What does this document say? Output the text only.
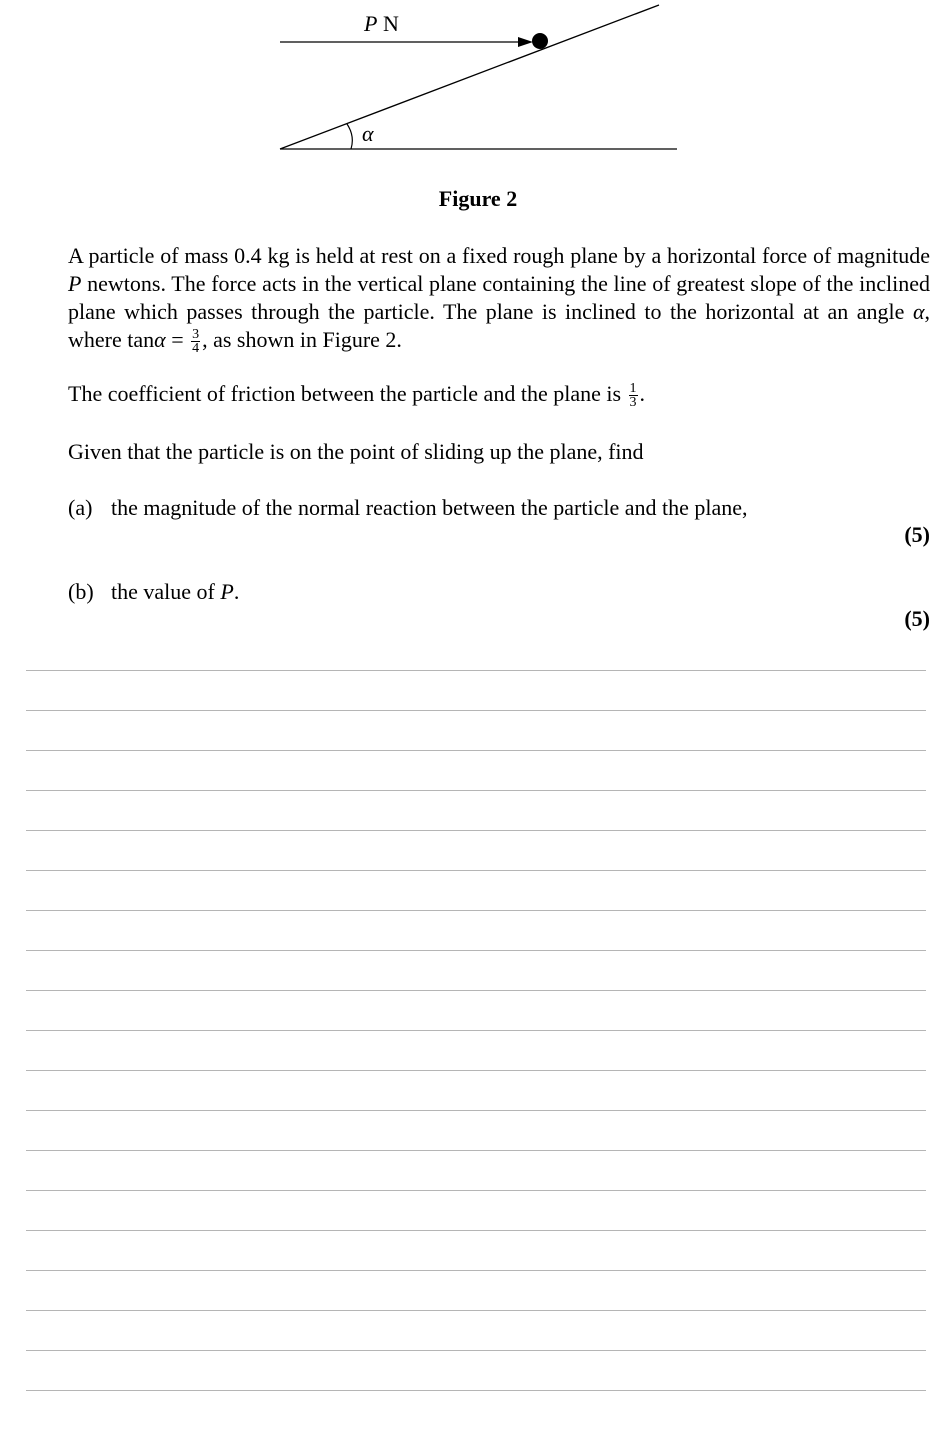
P N
α
Figure 2
A particle of mass 0.4 kg is held at rest on a fixed rough plane by a horizontal force of magnitude P newtons. The force acts in the vertical plane containing the line of greatest slope of the inclined plane which passes through the particle. The plane is inclined to the horizontal at an angle α, where $\tan\alpha = \frac{3}{4}$ , as shown in Figure 2.
The coefficient of friction between the particle and the plane is $\frac{1}{3}$ .
Given that the particle is on the point of sliding up the plane, find
(a) the magnitude of the normal reaction between the particle and the plane,
(5)
(b) the value of P.
(5)
